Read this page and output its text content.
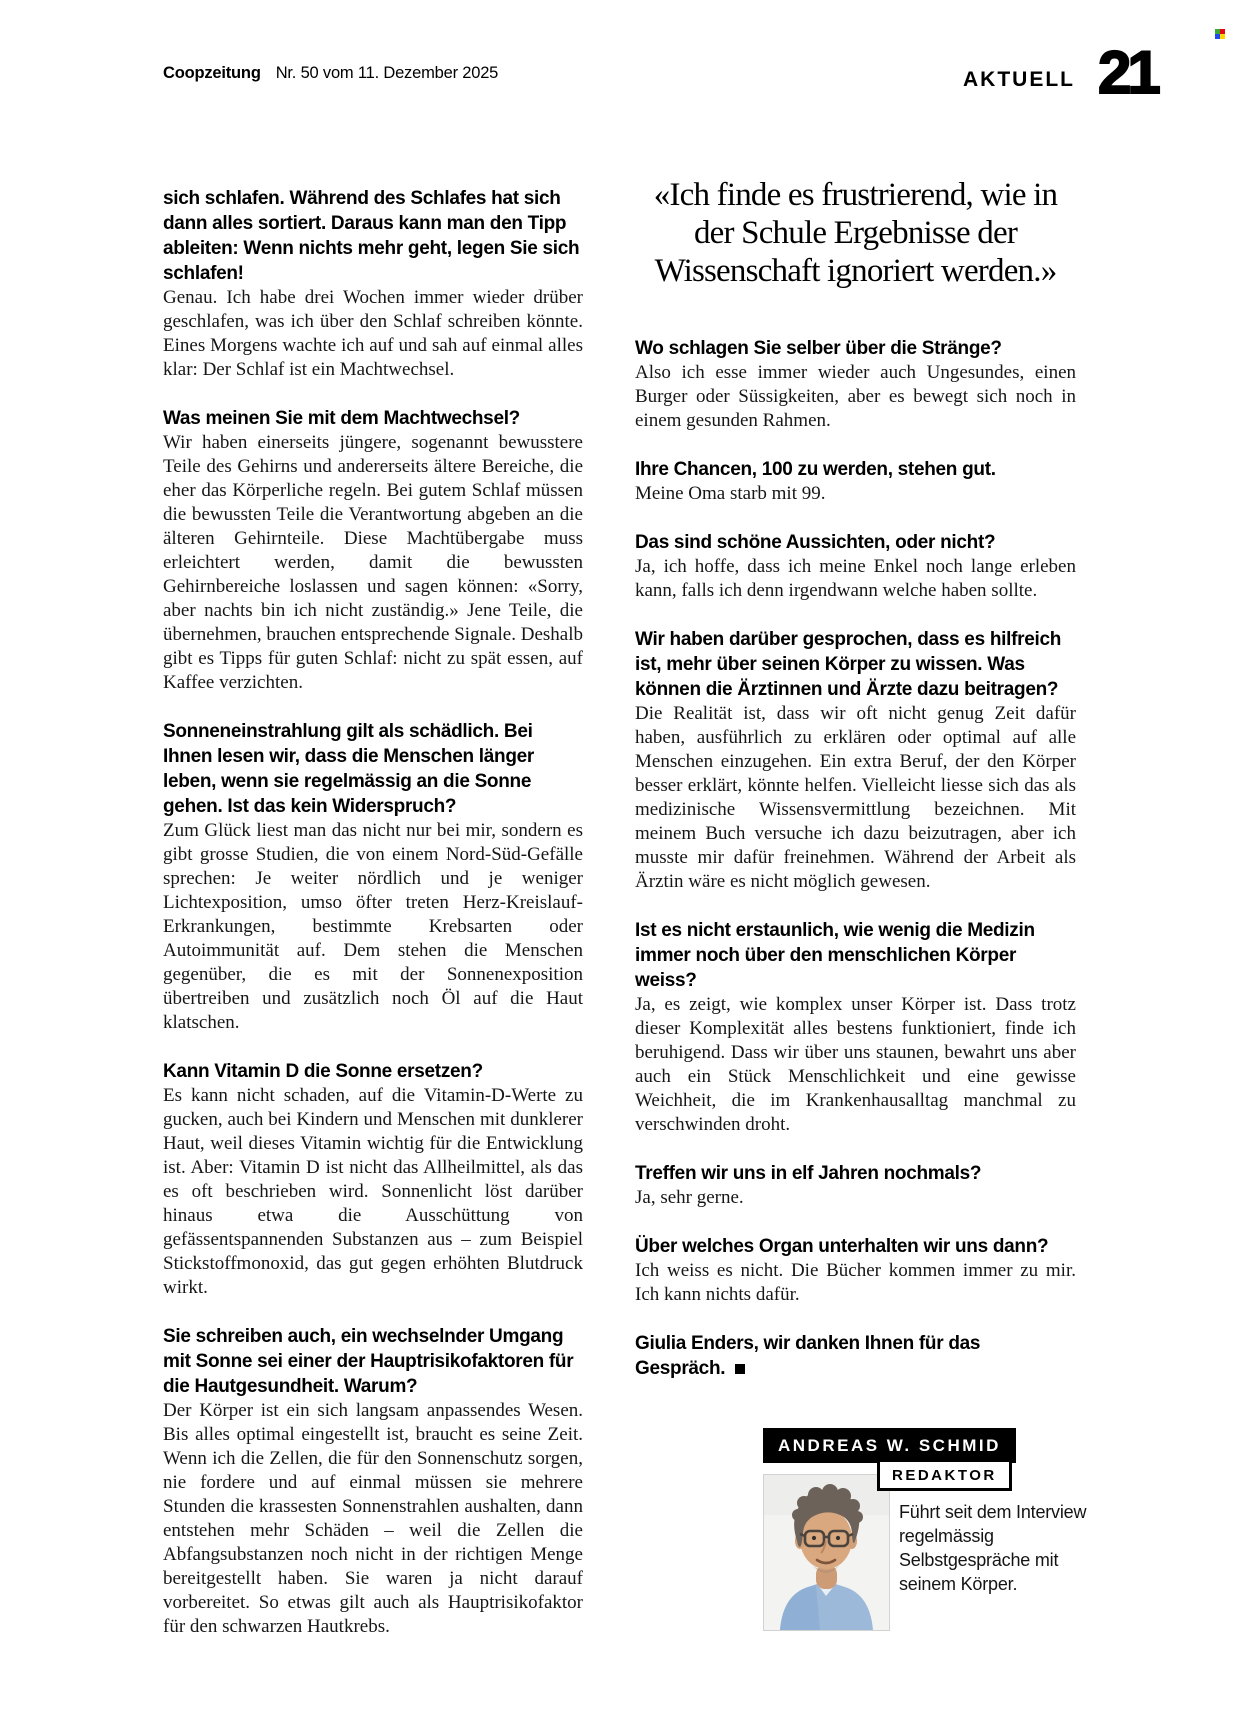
Coopzeitung Nr. 50 vom 11. Dezember 2025	AKTUELL 21

sich schlafen. Während des Schlafes hat sich dann alles sortiert. Daraus kann man den Tipp ableiten: Wenn nichts mehr geht, legen Sie sich schlafen!

Genau. Ich habe drei Wochen immer wieder drüber geschlafen, was ich über den Schlaf schreiben könnte. Eines Morgens wachte ich auf und sah auf einmal alles klar: Der Schlaf ist ein Machtwechsel.

Was meinen Sie mit dem Machtwechsel?

Wir haben einerseits jüngere, sogenannt bewusstere Teile des Gehirns und andererseits ältere Bereiche, die eher das Körperliche regeln. Bei gutem Schlaf müssen die bewussten Teile die Verantwortung abgeben an die älteren Gehirnteile. Diese Machtübergabe muss erleichtert werden, damit die bewussten Gehirnbereiche loslassen und sagen können: «Sorry, aber nachts bin ich nicht zuständig.» Jene Teile, die übernehmen, brauchen entsprechende Signale. Deshalb gibt es Tipps für guten Schlaf: nicht zu spät essen, auf Kaffee verzichten.

Sonneneinstrahlung gilt als schädlich. Bei Ihnen lesen wir, dass die Menschen länger leben, wenn sie regelmässig an die Sonne gehen. Ist das kein Widerspruch?

Zum Glück liest man das nicht nur bei mir, sondern es gibt grosse Studien, die von einem Nord-Süd-Gefälle sprechen: Je weiter nördlich und je weniger Lichtexposition, umso öfter treten Herz-Kreislauf-Erkrankungen, bestimmte Krebsarten oder Autoimmunität auf. Dem stehen die Menschen gegenüber, die es mit der Sonnenexposition übertreiben und zusätzlich noch Öl auf die Haut klatschen.

Kann Vitamin D die Sonne ersetzen?

Es kann nicht schaden, auf die Vitamin-D-Werte zu gucken, auch bei Kindern und Menschen mit dunklerer Haut, weil dieses Vitamin wichtig für die Entwicklung ist. Aber: Vitamin D ist nicht das Allheilmittel, als das es oft beschrieben wird. Sonnenlicht löst darüber hinaus etwa die Ausschüttung von gefässentspannenden Substanzen aus – zum Beispiel Stickstoffmonoxid, das gut gegen erhöhten Blutdruck wirkt.

Sie schreiben auch, ein wechselnder Umgang mit Sonne sei einer der Hauptrisikofaktoren für die Hautgesundheit. Warum?

Der Körper ist ein sich langsam anpassendes Wesen. Bis alles optimal eingestellt ist, braucht es seine Zeit. Wenn ich die Zellen, die für den Sonnenschutz sorgen, nie fordere und auf einmal müssen sie mehrere Stunden die krassesten Sonnenstrahlen aushalten, dann entstehen mehr Schäden – weil die Zellen die Abfangsubstanzen noch nicht in der richtigen Menge bereitgestellt haben. Sie waren ja nicht darauf vorbereitet. So etwas gilt auch als Hauptrisikofaktor für den schwarzen Hautkrebs.

«Ich finde es frustrierend, wie in der Schule Ergebnisse der Wissenschaft ignoriert werden.»

Wo schlagen Sie selber über die Stränge?

Also ich esse immer wieder auch Ungesundes, einen Burger oder Süssigkeiten, aber es bewegt sich noch in einem gesunden Rahmen.

Ihre Chancen, 100 zu werden, stehen gut.

Meine Oma starb mit 99.

Das sind schöne Aussichten, oder nicht?

Ja, ich hoffe, dass ich meine Enkel noch lange erleben kann, falls ich denn irgendwann welche haben sollte.

Wir haben darüber gesprochen, dass es hilfreich ist, mehr über seinen Körper zu wissen. Was können die Ärztinnen und Ärzte dazu beitragen?

Die Realität ist, dass wir oft nicht genug Zeit dafür haben, ausführlich zu erklären oder optimal auf alle Menschen einzugehen. Ein extra Beruf, der den Körper besser erklärt, könnte helfen. Vielleicht liesse sich das als medizinische Wissensvermittlung bezeichnen. Mit meinem Buch versuche ich dazu beizutragen, aber ich musste mir dafür freinehmen. Während der Arbeit als Ärztin wäre es nicht möglich gewesen.

Ist es nicht erstaunlich, wie wenig die Medizin immer noch über den menschlichen Körper weiss?

Ja, es zeigt, wie komplex unser Körper ist. Dass trotz dieser Komplexität alles bestens funktioniert, finde ich beruhigend. Dass wir über uns staunen, bewahrt uns aber auch ein Stück Menschlichkeit und eine gewisse Weichheit, die im Krankenhausalltag manchmal zu verschwinden droht.

Treffen wir uns in elf Jahren nochmals?

Ja, sehr gerne.

Über welches Organ unterhalten wir uns dann?

Ich weiss es nicht. Die Bücher kommen immer zu mir. Ich kann nichts dafür.

Giulia Enders, wir danken Ihnen für das Gespräch.

ANDREAS W. SCHMID
REDAKTOR

Führt seit dem Interview regelmässig Selbstgespräche mit seinem Körper.
